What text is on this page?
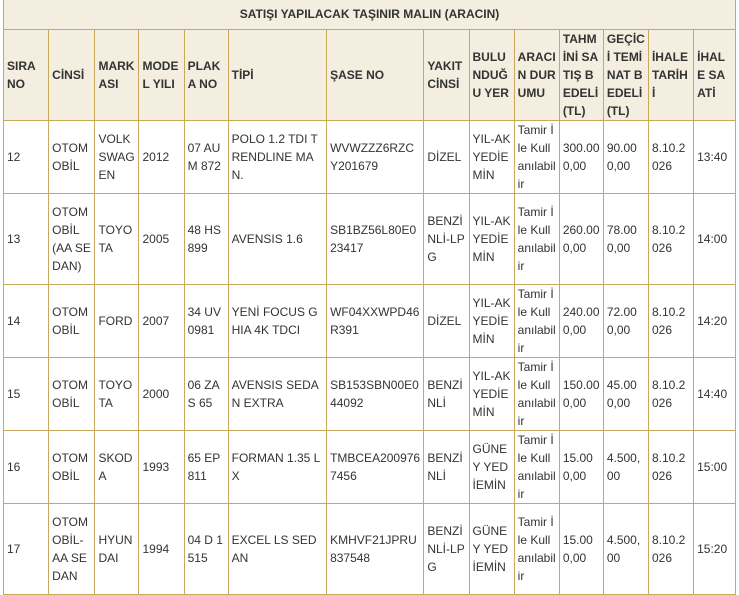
SATIŞI YAPILACAK TAŞINIR MALIN (ARACIN)													
SIRA NO	CİNSİ	MARKASI	MODEL YILI	PLAKA NO	TİPİ	ŞASE NO	YAKIT CİNSİ	BULUNDUĞU YER	ARACIN DURUMU	TAHMİNİ SATIŞ BEDELİ (TL)	GEÇİCİ TEMİNAT BEDELİ (TL)	İHALE TARİHİ	İHALE SAATİ
12	OTOMOBİL	VOLKSWAGEN	2012	07 AUM 872	POLO 1.2 TDI TRENDLINE MAN.	WVWZZZ6RZCY201679	DİZEL	YIL-AK YEDİEMİN	Tamir İle Kullanılabilir	300.000,00	90.000,00	8.10.2026	13:40
13	OTOMOBİL (AA SEDAN)	TOYOTA	2005	48 HS 899	AVENSIS 1.6	SB1BZ56L80E023417	BENZİNLİ-LPG	YIL-AK YEDİEMİN	Tamir İle Kullanılabilir	260.000,00	78.000,00	8.10.2026	14:00
14	OTOMOBİL	FORD	2007	34 UV 0981	YENİ FOCUS GHIA 4K TDCI	WF04XXWPD46R391	DİZEL	YIL-AK YEDİEMİN	Tamir İle Kullanılabilir	240.000,00	72.000,00	8.10.2026	14:20
15	OTOMOBİL	TOYOTA	2000	06 ZAS 65	AVENSIS SEDAN EXTRA	SB153SBN00E044092	BENZİNLİ	YIL-AK YEDİEMİN	Tamir İle Kullanılabilir	150.000,00	45.000,00	8.10.2026	14:40
16	OTOMOBİL	SKODA	1993	65 EP 811	FORMAN 1.35 LX	TMBCEA2009767456	BENZİNLİ	GÜNEY YEDİEMİN	Tamir İle Kullanılabilir	15.000,00	4.500,00	8.10.2026	15:00
17	OTOMOBİL-AA SEDAN	HYUNDAI	1994	04 D 1515	EXCEL LS SEDAN	KMHVF21JPRU837548	BENZİNLİ-LPG	GÜNEY YEDİEMİN	Tamir İle Kullanılabilir	15.000,00	4.500,00	8.10.2026	15:20
